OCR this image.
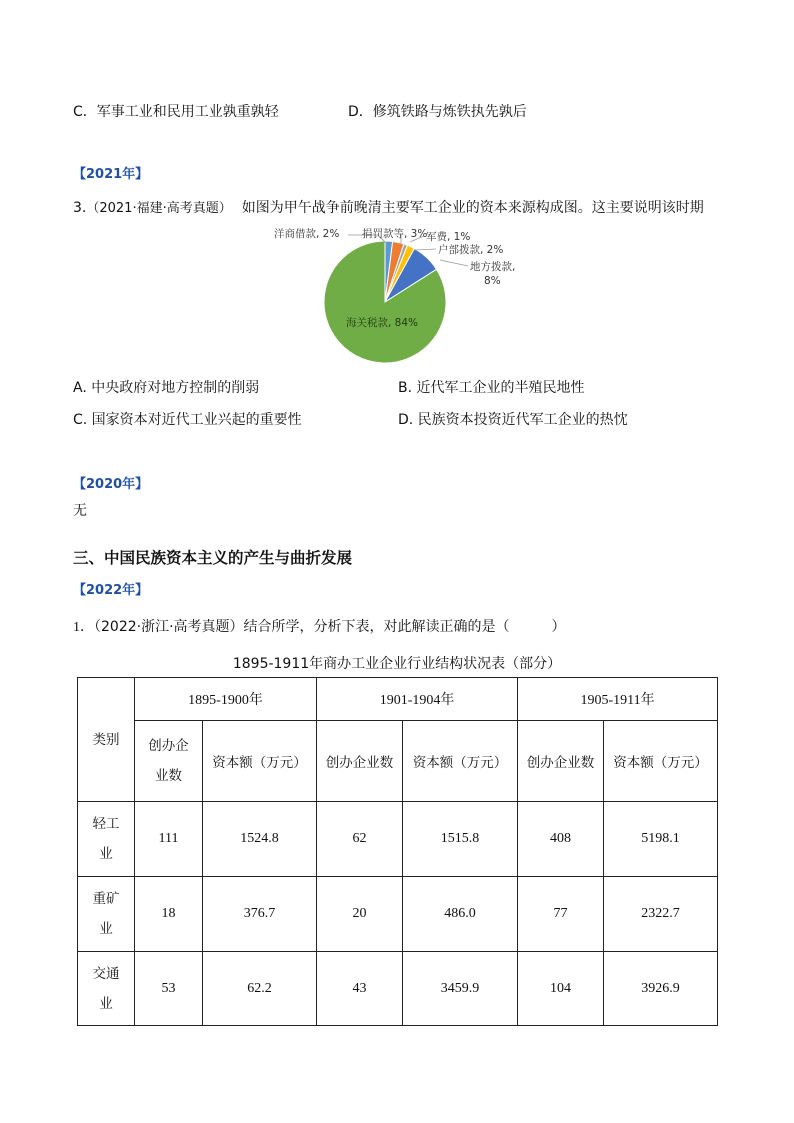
C．军事工业和民用工业孰重孰轻	D．修筑铁路与炼铁执先孰后
【2021年】
3.（2021·福建·高考真题） 如图为甲午战争前晚清主要军工企业的资本来源构成图。这主要说明该时期
洋商借款, 2% 捐罚款等, 3%
军费, 1%
户部拨款, 2%
地方拨款,
8%
海关税款, 84%
A. 中央政府对地方控制的削弱	B. 近代军工企业的半殖民地性
C. 国家资本对近代工业兴起的重要性	D. 民族资本投资近代军工企业的热忱
【2020年】
无
三、中国民族资本主义的产生与曲折发展
【2022年】
1．（2022·浙江·高考真题）结合所学，分析下表，对此解读正确的是（　　　）
1895-1911年商办工业企业行业结构状况表（部分）
类别	1895-1900年		1901-1904年		1905-1911年	
	创办企
业数	资本额（万元）	创办企业数	资本额（万元）	创办企业数	资本额（万元）
轻工
业	111	1524.8	62	1515.8	408	5198.1
重矿
业	18	376.7	20	486.0	77	2322.7
交通
业	53	62.2	43	3459.9	104	3926.9
